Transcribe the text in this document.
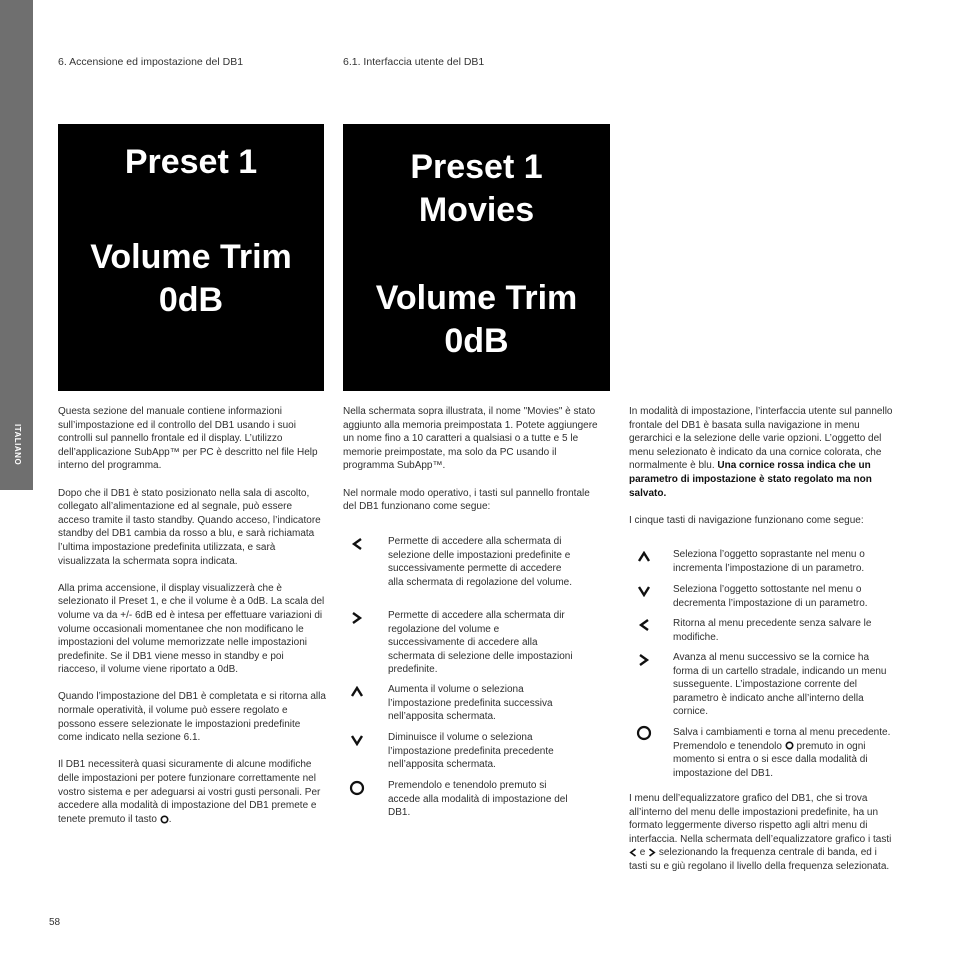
ITALIANO
6. Accensione ed impostazione del DB1	6.1. Interfaccia utente del DB1
Preset 1
Volume Trim
0dB
Preset 1
Movies
Volume Trim
0dB
Questa sezione del manuale contiene informazioni sull’impostazione ed il controllo del DB1 usando i suoi controlli sul pannello frontale ed il display. L’utilizzo dell’applicazione SubApp™ per PC è descritto nel file Help interno del programma.
Dopo che il DB1 è stato posizionato nella sala di ascolto, collegato all’alimentazione ed al segnale, può essere acceso tramite il tasto standby. Quando acceso, l’indicatore standby del DB1 cambia da rosso a blu, e sarà richiamata l’ultima impostazione predefinita utilizzata, e sarà visualizzata la schermata sopra indicata.
Alla prima accensione, il display visualizzerà che è selezionato il Preset 1, e che il volume è a 0dB. La scala del volume va da +/- 6dB ed è intesa per effettuare variazioni di volume occasionali momentanee che non modificano le impostazioni del volume memorizzate nelle impostazioni predefinite. Se il DB1 viene messo in standby e poi riacceso, il volume viene riportato a 0dB.
Quando l’impostazione del DB1 è completata e si ritorna alla normale operatività, il volume può essere regolato e possono essere selezionate le impostazioni predefinite come indicato nella sezione 6.1.
Il DB1 necessiterà quasi sicuramente di alcune modifiche delle impostazioni per potere funzionare correttamente nel vostro sistema e per adeguarsi ai vostri gusti personali. Per accedere alla modalità di impostazione del DB1 premete e tenete premuto il tasto .
Nella schermata sopra illustrata, il nome "Movies" è stato aggiunto alla memoria preimpostata 1. Potete aggiungere un nome fino a 10 caratteri a qualsiasi o a tutte e 5 le memorie preimpostate, ma solo da PC usando il programma SubApp™.
Nel normale modo operativo, i tasti sul pannello frontale del DB1 funzionano come segue:
Permette di accedere alla schermata di selezione delle impostazioni predefinite e successivamente permette di accedere alla schermata di regolazione del volume.
Permette di accedere alla schermata dir regolazione del volume e successivamente di accedere alla schermata di selezione delle impostazioni predefinite.
Aumenta il volume o seleziona l’impostazione predefinita successiva nell’apposita schermata.
Diminuisce il volume o seleziona l’impostazione predefinita precedente nell’apposita schermata.
Premendolo e tenendolo premuto si accede alla modalità di impostazione del DB1.
In modalità di impostazione, l’interfaccia utente sul pannello frontale del DB1 è basata sulla navigazione in menu gerarchici e la selezione delle varie opzioni. L’oggetto del menu selezionato è indicato da una cornice colorata, che normalmente è blu. Una cornice rossa indica che un parametro di impostazione è stato regolato ma non salvato.
I cinque tasti di navigazione funzionano come segue:
Seleziona l’oggetto soprastante nel menu o incrementa l’impostazione di un parametro.
Seleziona l’oggetto sottostante nel menu o decrementa l’impostazione di un parametro.
Ritorna al menu precedente senza salvare le modifiche.
Avanza al menu successivo se la cornice ha forma di un cartello stradale, indicando un menu susseguente. L’impostazione corrente del parametro è indicato anche all’interno della cornice.
Salva i cambiamenti e torna al menu precedente. Premendolo e tenendolo premuto in ogni momento si entra o si esce dalla modalità di impostazione del DB1.
I menu dell’equalizzatore grafico del DB1, che si trova all’interno del menu delle impostazioni predefinite, ha un formato leggermente diverso rispetto agli altri menu di interfaccia. Nella schermata dell’equalizzatore grafico i tasti
e selezionando la frequenza centrale di banda, ed i tasti su e giù regolano il livello della frequenza selezionata.
58
